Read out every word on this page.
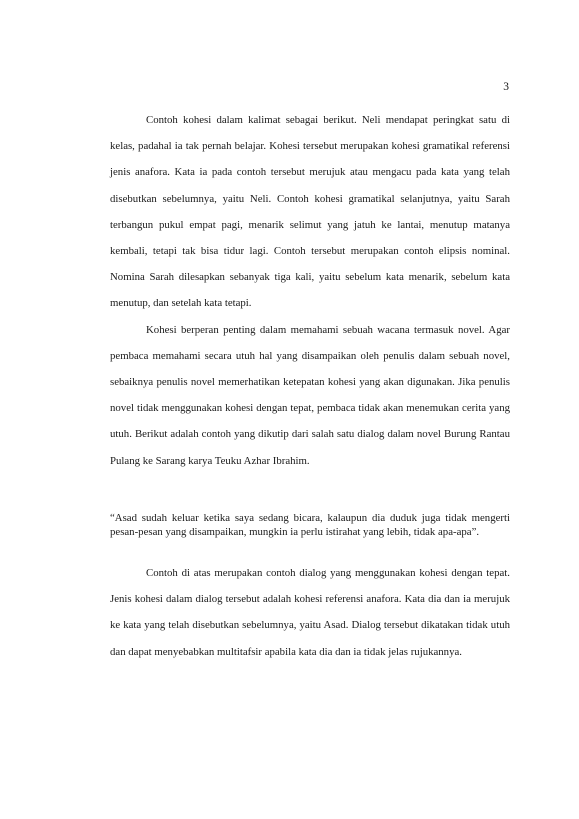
3

Contoh kohesi dalam kalimat sebagai berikut. Neli mendapat peringkat satu di kelas, padahal ia tak pernah belajar. Kohesi tersebut merupakan kohesi gramatikal referensi jenis anafora. Kata ia pada contoh tersebut merujuk atau mengacu pada kata yang telah disebutkan sebelumnya, yaitu Neli. Contoh kohesi gramatikal selanjutnya, yaitu Sarah terbangun pukul empat pagi, menarik selimut yang jatuh ke lantai, menutup matanya kembali, tetapi tak bisa tidur lagi. Contoh tersebut merupakan contoh elipsis nominal. Nomina Sarah dilesapkan sebanyak tiga kali, yaitu sebelum kata menarik, sebelum kata menutup, dan setelah kata tetapi.

Kohesi berperan penting dalam memahami sebuah wacana termasuk novel. Agar pembaca memahami secara utuh hal yang disampaikan oleh penulis dalam sebuah novel, sebaiknya penulis novel memerhatikan ketepatan kohesi yang akan digunakan. Jika penulis novel tidak menggunakan kohesi dengan tepat, pembaca tidak akan menemukan cerita yang utuh. Berikut adalah contoh yang dikutip dari salah satu dialog dalam novel Burung Rantau Pulang ke Sarang karya Teuku Azhar Ibrahim.

“Asad sudah keluar ketika saya sedang bicara, kalaupun dia duduk juga tidak mengerti pesan-pesan yang disampaikan, mungkin ia perlu istirahat yang lebih, tidak apa-apa”.

Contoh di atas merupakan contoh dialog yang menggunakan kohesi dengan tepat. Jenis kohesi dalam dialog tersebut adalah kohesi referensi anafora. Kata dia dan ia merujuk ke kata yang telah disebutkan sebelumnya, yaitu Asad. Dialog tersebut dikatakan tidak utuh dan dapat menyebabkan multitafsir apabila kata dia dan ia tidak jelas rujukannya.
